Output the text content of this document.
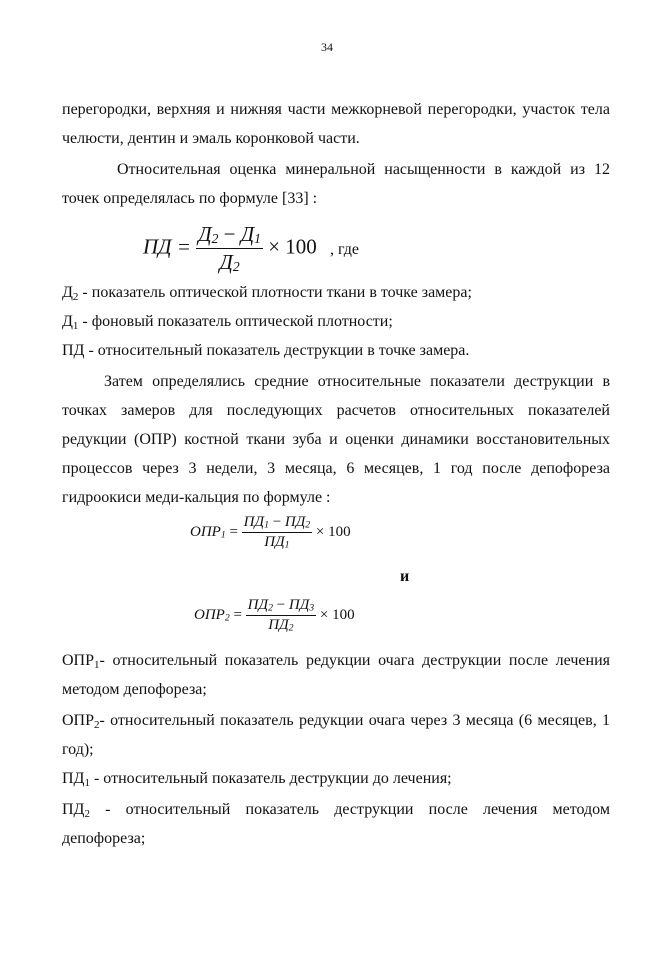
34
перегородки, верхняя и нижняя части межкорневой перегородки, участок тела
челюсти, дентин и эмаль коронковой части.
Относительная оценка минеральной насыщенности в каждой из 12
точек определялась по формуле [33] :
ПД = $\frac{Д2 - Д1}{Д2} \times 100$ , где
Д2 - показатель оптической плотности ткани в точке замера;
Д1 - фоновый показатель оптической плотности;
ПД - относительный показатель деструкции в точке замера.
Затем определялись средние относительные показатели деструкции в
точках замеров для последующих расчетов относительных показателей
редукции (ОПР) костной ткани зуба и оценки динамики восстановительных
процессов через 3 недели, 3 месяца, 6 месяцев, 1 год после депофореза
гидроокиси меди-кальция по формуле :
$ОПР1 = \frac{ПД1 - ПД2}{ПД1} \times 100$
и
$ОПР2 = \frac{ПД2 - ПД3}{ПД2} \times 100$
ОПР1- относительный показатель редукции очага деструкции после лечения
методом депофореза;
ОПР2- относительный показатель редукции очага через 3 месяца (6 месяцев, 1
год);
ПД1 - относительный показатель деструкции до лечения;
ПД2 - относительный показатель деструкции после лечения методом
депофореза;
